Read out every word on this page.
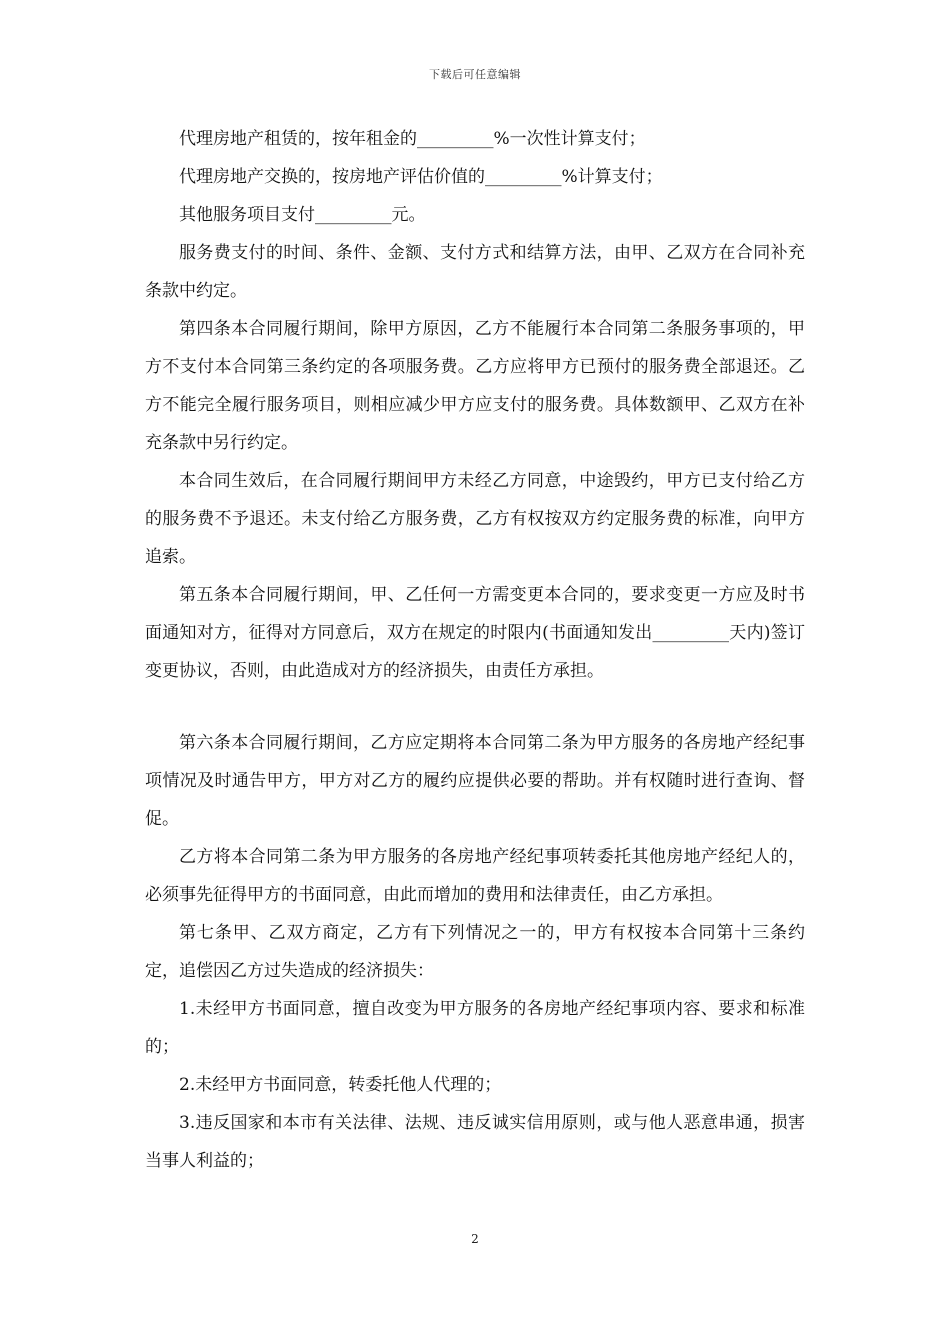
下载后可任意编辑

代理房地产租赁的，按年租金的_________%一次性计算支付；

代理房地产交换的，按房地产评估价值的_________%计算支付；

其他服务项目支付_________元。

服务费支付的时间、条件、金额、支付方式和结算方法，由甲、乙双方在合同补充条款中约定。

第四条本合同履行期间，除甲方原因，乙方不能履行本合同第二条服务事项的，甲方不支付本合同第三条约定的各项服务费。乙方应将甲方已预付的服务费全部退还。乙方不能完全履行服务项目，则相应减少甲方应支付的服务费。具体数额甲、乙双方在补充条款中另行约定。

本合同生效后，在合同履行期间甲方未经乙方同意，中途毁约，甲方已支付给乙方的服务费不予退还。未支付给乙方服务费，乙方有权按双方约定服务费的标准，向甲方追索。

第五条本合同履行期间，甲、乙任何一方需变更本合同的，要求变更一方应及时书面通知对方，征得对方同意后，双方在规定的时限内(书面通知发出_________天内)签订变更协议，否则，由此造成对方的经济损失，由责任方承担。

第六条本合同履行期间，乙方应定期将本合同第二条为甲方服务的各房地产经纪事项情况及时通告甲方，甲方对乙方的履约应提供必要的帮助。并有权随时进行查询、督促。

乙方将本合同第二条为甲方服务的各房地产经纪事项转委托其他房地产经纪人的，必须事先征得甲方的书面同意，由此而增加的费用和法律责任，由乙方承担。

第七条甲、乙双方商定，乙方有下列情况之一的，甲方有权按本合同第十三条约定，追偿因乙方过失造成的经济损失：

1.未经甲方书面同意，擅自改变为甲方服务的各房地产经纪事项内容、要求和标准的；

2.未经甲方书面同意，转委托他人代理的；

3.违反国家和本市有关法律、法规、违反诚实信用原则，或与他人恶意串通，损害当事人利益的；

2
